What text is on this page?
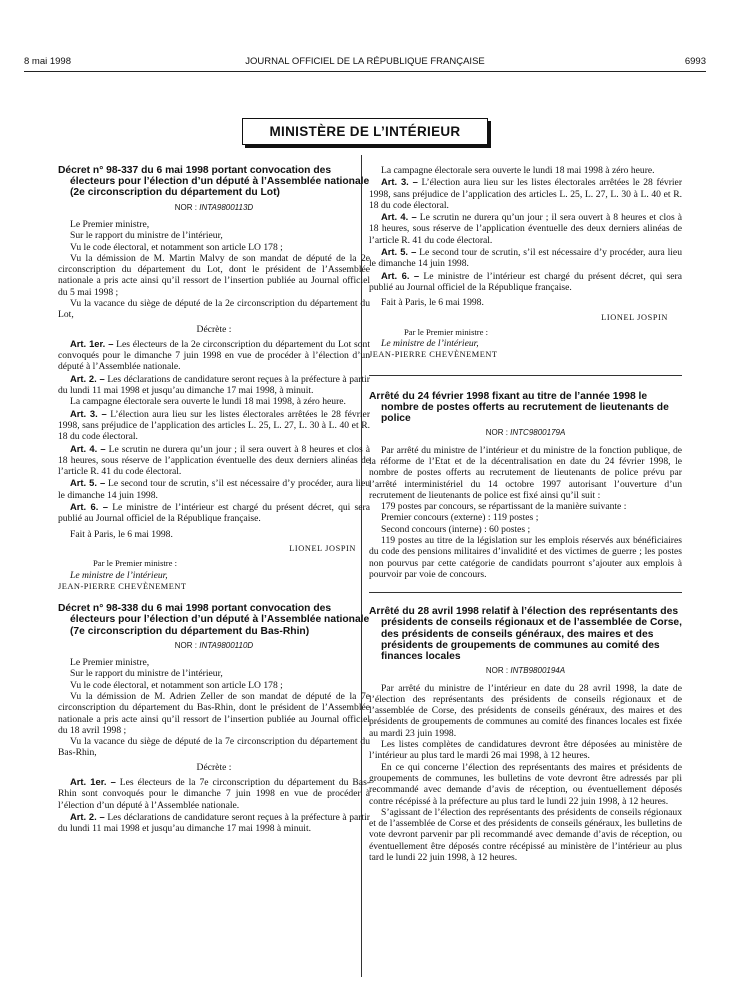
8 mai 1998	JOURNAL OFFICIEL DE LA RÉPUBLIQUE FRANÇAISE	6993
MINISTÈRE DE L’INTÉRIEUR
Décret n° 98-337 du 6 mai 1998 portant convocation des électeurs pour l’élection d’un député à l’Assemblée nationale (2e circonscription du département du Lot)
NOR : INTA9800113D

Le Premier ministre,

Sur le rapport du ministre de l’intérieur,

Vu le code électoral, et notamment son article LO 178 ;

Vu la démission de M. Martin Malvy de son mandat de député de la 2e circonscription du département du Lot, dont le président de l’Assemblée nationale a pris acte ainsi qu’il ressort de l’insertion publiée au Journal officiel du 5 mai 1998 ;

Vu la vacance du siège de député de la 2e circonscription du département du Lot,

Décrète :

Art. 1er. – Les électeurs de la 2e circonscription du département du Lot sont convoqués pour le dimanche 7 juin 1998 en vue de procéder à l’élection d’un député à l’Assemblée nationale.

Art. 2. – Les déclarations de candidature seront reçues à la préfecture à partir du lundi 11 mai 1998 et jusqu’au dimanche 17 mai 1998, à minuit.

La campagne électorale sera ouverte le lundi 18 mai 1998, à zéro heure.

Art. 3. – L’élection aura lieu sur les listes électorales arrêtées le 28 février 1998, sans préjudice de l’application des articles L. 25, L. 27, L. 30 à L. 40 et R. 18 du code électoral.

Art. 4. – Le scrutin ne durera qu’un jour ; il sera ouvert à 8 heures et clos à 18 heures, sous réserve de l’application éventuelle des deux derniers alinéas de l’article R. 41 du code électoral.

Art. 5. – Le second tour de scrutin, s’il est nécessaire d’y procéder, aura lieu le dimanche 14 juin 1998.

Art. 6. – Le ministre de l’intérieur est chargé du présent décret, qui sera publié au Journal officiel de la République française.

Fait à Paris, le 6 mai 1998.

LIONEL JOSPIN
Par le Premier ministre :
Le ministre de l’intérieur,
JEAN-PIERRE CHEVÈNEMENT
Décret n° 98-338 du 6 mai 1998 portant convocation des électeurs pour l’élection d’un député à l’Assemblée nationale (7e circonscription du département du Bas-Rhin)
NOR : INTA9800110D

Le Premier ministre,

Sur le rapport du ministre de l’intérieur,

Vu le code électoral, et notamment son article LO 178 ;

Vu la démission de M. Adrien Zeller de son mandat de député de la 7e circonscription du département du Bas-Rhin, dont le président de l’Assemblée nationale a pris acte ainsi qu’il ressort de l’insertion publiée au Journal officiel du 18 avril 1998 ;

Vu la vacance du siège de député de la 7e circonscription du département du Bas-Rhin,

Décrète :

Art. 1er. – Les électeurs de la 7e circonscription du département du Bas-Rhin sont convoqués pour le dimanche 7 juin 1998 en vue de procéder à l’élection d’un député à l’Assemblée nationale.

Art. 2. – Les déclarations de candidature seront reçues à la préfecture à partir du lundi 11 mai 1998 et jusqu’au dimanche 17 mai 1998 à minuit.

La campagne électorale sera ouverte le lundi 18 mai 1998 à zéro heure.

Art. 3. – L’élection aura lieu sur les listes électorales arrêtées le 28 février 1998, sans préjudice de l’application des articles L. 25, L. 27, L. 30 à L. 40 et R. 18 du code électoral.

Art. 4. – Le scrutin ne durera qu’un jour ; il sera ouvert à 8 heures et clos à 18 heures, sous réserve de l’application éventuelle des deux derniers alinéas de l’article R. 41 du code électoral.

Art. 5. – Le second tour de scrutin, s’il est nécessaire d’y procéder, aura lieu le dimanche 14 juin 1998.

Art. 6. – Le ministre de l’intérieur est chargé du présent décret, qui sera publié au Journal officiel de la République française.

Fait à Paris, le 6 mai 1998.

LIONEL JOSPIN
Par le Premier ministre :
Le ministre de l’intérieur,
JEAN-PIERRE CHEVÈNEMENT
Arrêté du 24 février 1998 fixant au titre de l’année 1998 le nombre de postes offerts au recrutement de lieutenants de police
NOR : INTC9800179A

Par arrêté du ministre de l’intérieur et du ministre de la fonction publique, de la réforme de l’Etat et de la décentralisation en date du 24 février 1998, le nombre de postes offerts au recrutement de lieutenants de police prévu par l’arrêté interministériel du 14 octobre 1997 autorisant l’ouverture d’un recrutement de lieutenants de police est fixé ainsi qu’il suit :

179 postes par concours, se répartissant de la manière suivante :

Premier concours (externe) : 119 postes ;

Second concours (interne) : 60 postes ;

119 postes au titre de la législation sur les emplois réservés aux bénéficiaires du code des pensions militaires d’invalidité et des victimes de guerre ; les postes non pourvus par cette catégorie de candidats pourront s’ajouter aux emplois à pourvoir par voie de concours.

Arrêté du 28 avril 1998 relatif à l’élection des représentants des présidents de conseils régionaux et de l’assemblée de Corse, des présidents de conseils généraux, des maires et des présidents de groupements de communes au comité des finances locales
NOR : INTB9800194A

Par arrêté du ministre de l’intérieur en date du 28 avril 1998, la date de l’élection des représentants des présidents de conseils régionaux et de l’assemblée de Corse, des présidents de conseils généraux, des maires et des présidents de groupements de communes au comité des finances locales est fixée au mardi 23 juin 1998.

Les listes complètes de candidatures devront être déposées au ministère de l’intérieur au plus tard le mardi 26 mai 1998, à 12 heures.

En ce qui concerne l’élection des représentants des maires et présidents de groupements de communes, les bulletins de vote devront être adressés par pli recommandé avec demande d’avis de réception, ou éventuellement déposés contre récépissé à la préfecture au plus tard le lundi 22 juin 1998, à 12 heures.

S’agissant de l’élection des représentants des présidents de conseils régionaux et de l’assemblée de Corse et des présidents de conseils généraux, les bulletins de vote devront parvenir par pli recommandé avec demande d’avis de réception, ou éventuellement être déposés contre récépissé au ministère de l’intérieur au plus tard le lundi 22 juin 1998, à 12 heures.
